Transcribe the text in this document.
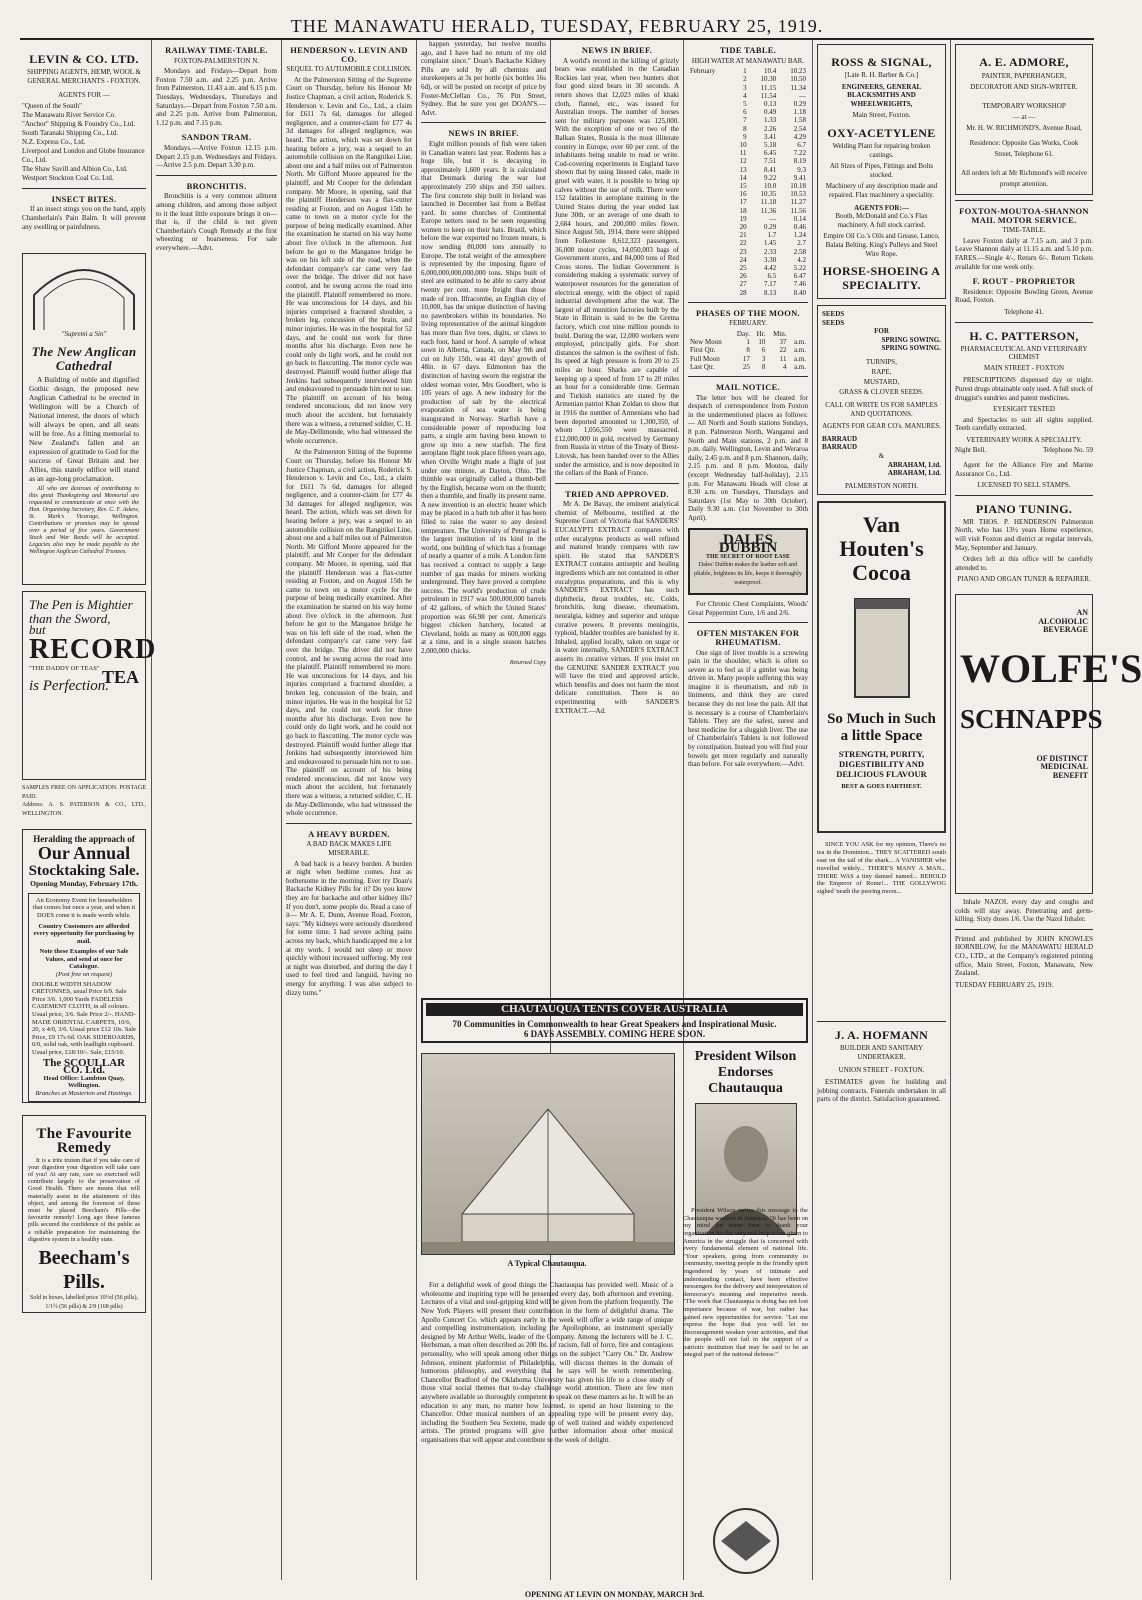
THE MANAWATU HERALD, TUESDAY, FEBRUARY 25, 1919.
LEVIN & CO. LTD.
SHIPPING AGENTS, HEMP, WOOL & GENERAL MERCHANTS - FOXTON.
AGENTS FOR —
"Queen of the South"
The Manawatu River Service Co.
"Anchor" Shipping & Foundry Co., Ltd.
South Taranaki Shipping Co., Ltd.
N.Z. Express Co., Ltd.
Liverpool and London and Globe Insurance Co., Ltd.
The Shaw Savill and Albion Co., Ltd.
Westport Stockton Coal Co. Ltd.
INSECT BITES.

If an insect stings you on the hand, apply Chamberlain's Pain Balm. It will prevent any swelling or painfulness.

"Supremi a Sin"
The New Anglican Cathedral

A Building of noble and dignified Gothic design, the proposed new Anglican Cathedral to be erected in Wellington will be a Church of National interest, the doors of which will always be open, and all seats will be free. As a fitting memorial to New Zealand's fallen and an expression of gratitude to God for the success of Great Britain and her Allies, this stately edifice will stand as an age-long proclamation.

All who are desirous of contributing to this great Thanksgiving and Memorial are requested to communicate at once with the Hon. Organising Secretary, Rev. C. F. Askew, St. Mark's Vicarage, Wellington. Contributions or promises may be spread over a period of five years. Government Stock and War Bonds will be accepted. Legacies also may be made payable to the Wellington Anglican Cathedral Trustees.

The Pen is Mightier than the Sword,
but
RECORD
"THE DADDY OF TEAS" TEA
is Perfection.
SAMPLES FREE ON APPLICATION. POSTAGE PAID.
Address: A. S. PATERSON & CO., LTD., WELLINGTON.
Heralding the approach of
Our Annual
Stocktaking Sale.
Opening Monday, February 17th.
An Economy Event for householders that comes but once a year, and when it DOES come it is made worth while.
Country Customers are afforded every opportunity for purchasing by mail.
Note these Examples of our Sale Values, and send at once for Catalogue.
(Post free on request)
DOUBLE WIDTH SHADOW CRETONNES, usual Price 6/9. Sale Price 3/6. 1,000 Yards FADELESS CASEMENT CLOTH, in all colours. Usual price, 3/6. Sale Price 2/-. HAND-MADE ORIENTAL CARPETS, 10/6, 20, x 4/0, 3/6. Usual price £12 10s. Sale Price, £9 17s 6d. OAK SIDEBOARDS, 6/0, solid oak, with leadlight cupboard. Usual price, £18/10/-. Sale, £15/10.
The SCOULLAR CO. Ltd.
Head Office: Lambton Quay, Wellington.
Branches at Masterton and Hastings.
The Favourite Remedy

It is a trite truism that if you take care of your digestion your digestion will take care of you! At any rate, care so exercised will contribute largely to the preservation of Good Health. There are means that will materially assist in the attainment of this object, and among the foremost of these must be placed Beecham's Pills—the favourite remedy! Long ago these famous pills secured the confidence of the public as a reliable preparation for maintaining the digestive system in a healthy state.

Beecham's Pills.
Sold in boxes, labelled price 10½d (56 pills), 1/1½ (56 pills) & 2/9 (168 pills)
RAILWAY TIME-TABLE.
FOXTON-PALMERSTON N.

Mondays and Fridays—Depart from Foxton 7.50 a.m. and 2.25 p.m. Arrive from Palmerston, 11.43 a.m. and 6.15 p.m. Tuesdays, Wednesdays, Thursdays and Saturdays.—Depart from Foxton 7.50 a.m. and 2.25 p.m. Arrive from Palmerston, 1.12 p.m. and 7.15 p.m.

SANDON TRAM.

Mondays.—Arrive Foxton 12.15 p.m. Depart 2.15 p.m. Wednesdays and Fridays.—Arrive 2.5 p.m. Depart 3.30 p.m.

BRONCHITIS.

Bronchitis is a very common ailment among children, and among those subject to it the least little exposure brings it on—that is, if the child is not given Chamberlain's Cough Remedy at the first wheezing or hoarseness. For sale everywhere.—Advt.

HENDERSON v. LEVIN AND CO.
SEQUEL TO AUTOMOBILE COLLISION.

At the Palmerston Sitting of the Supreme Court on Thursday, before his Honour Mr Justice Chapman, a civil action, Roderick S. Henderson v. Levin and Co., Ltd., a claim for £611 7s 6d, damages for alleged negligence, and a counter-claim for £77 4s 3d damages for alleged negligence, was heard. The action, which was set down for hearing before a jury, was a sequel to an automobile collision on the Rangitikei Line, about one and a half miles out of Palmerston North. Mr Gifford Moore appeared for the plaintiff, and Mr Cooper for the defendant company. Mr Moore, in opening, said that the plaintiff Henderson was a flax-cutter residing at Foxton, and on August 15th he came to town on a motor cycle for the purpose of being medically examined. After the examination he started on his way home about five o'clock in the afternoon. Just before he got to the Manganoe bridge he was on his left side of the road, when the defendant company's car came very fast over the bridge. The driver did not have control, and he swung across the road into the plaintiff. Plaintiff remembered no more. He was unconscious for 14 days, and his injuries comprised a fractured shoulder, a broken leg, concussion of the brain, and minor injuries. He was in the hospital for 52 days, and he could not work for three months after his discharge. Even now he could only do light work, and he could not go back to flaxcutting. The motor cycle was destroyed. Plaintiff would further allege that Jenkins had subsequently interviewed him and endeavoured to persuade him not to sue. The plaintiff on account of his being rendered unconscious, did not know very much about the accident, but fortunately there was a witness, a returned soldier, C. H. de May-Dellimonde, who had witnessed the whole occurrence.

At the Palmerston Sitting of the Supreme Court on Thursday, before his Honour Mr Justice Chapman, a civil action, Roderick S. Henderson v. Levin and Co., Ltd., a claim for £611 7s 6d, damages for alleged negligence, and a counter-claim for £77 4s 3d damages for alleged negligence, was heard. The action, which was set down for hearing before a jury, was a sequel to an automobile collision on the Rangitikei Line, about one and a half miles out of Palmerston North. Mr Gifford Moore appeared for the plaintiff, and Mr Cooper for the defendant company. Mr Moore, in opening, said that the plaintiff Henderson was a flax-cutter residing at Foxton, and on August 15th he came to town on a motor cycle for the purpose of being medically examined. After the examination he started on his way home about five o'clock in the afternoon. Just before he got to the Manganoe bridge he was on his left side of the road, when the defendant company's car came very fast over the bridge. The driver did not have control, and he swung across the road into the plaintiff. Plaintiff remembered no more. He was unconscious for 14 days, and his injuries comprised a fractured shoulder, a broken leg, concussion of the brain, and minor injuries. He was in the hospital for 52 days, and he could not work for three months after his discharge. Even now he could only do light work, and he could not go back to flaxcutting. The motor cycle was destroyed. Plaintiff would further allege that Jenkins had subsequently interviewed him and endeavoured to persuade him not to sue. The plaintiff on account of his being rendered unconscious, did not know very much about the accident, but fortunately there was a witness, a returned soldier, C. H. de May-Dellimonde, who had witnessed the whole occurrence.

A HEAVY BURDEN.
A BAD BACK MAKES LIFE MISERABLE.

A bad back is a heavy burden. A burden at night when bedtime comes. Just as bothersome in the morning. Ever try Doan's Backache Kidney Pills for it? Do you know they are for backache and other kidney ills? If you don't, some people do. Read a case of it— Mr A. E. Dunn, Avenue Road, Foxton, says: "My kidneys were seriously disordered for some time. I had severe aching pains across my back, which handicapped me a lot at my work. I would not sleep or move quickly without increased suffering. My rest at night was disturbed, and during the day I used to feel tired and languid, having no energy for anything. I was also subject to dizzy turns."

happen yesterday, but twelve months ago, and I have had no return of my old complaint since." Doan's Backache Kidney Pills are sold by all chemists and storekeepers at 3s per bottle (six bottles 16s 6d), or will be posted on receipt of price by Foster-McClellan Co., 76 Pitt Street, Sydney. But be sure you get DOAN'S.—Advt.

NEWS IN BRIEF.

Eight million pounds of fish were taken in Canadian waters last year. Rodents has a huge life, but it is decaying in approximately 1,600 years. It is calculated that Denmark during the war lost approximately 250 ships and 350 sailors. The first concrete ship built in Ireland was launched in December last from a Belfast yard. In some churches of Continental Europe netters used to be seen requesting women to keep on their hats. Brazil, which before the war exported no frozen meats, is now sending 80,000 tons annually to Europe. The total weight of the atmosphere is represented by the imposing figure of 6,000,000,000,000,000 tons. Ships built of steel are estimated to be able to carry about twenty per cent. more freight than those made of iron. Ilfracombe, an English city of 10,000, has the unique distinction of having no pawnbrokers within its boundaries. No living representative of the animal kingdom has more than five toes, digits, or claws to each foot, hand or hoof. A sample of wheat sown in Alberta, Canada, on May 9th and cut on July 15th, was 41 days' growth of 48in. in 67 days. Edmonton has the distinction of having sworn the registrar the oldest woman voter, Mrs Goodbert, who is 105 years of age. A new industry for the production of salt by the electrical evaporation of sea water is being inaugurated in Norway. Starfish have a considerable power of reproducing lost parts, a single arm having been known to grow up into a new starfish. The first aeroplane flight took place fifteen years ago, when Orville Wright made a flight of just under one minute, at Dayton, Ohio. The thimble was originally called a thumb-bell by the English, because worn on the thumb; then a thumble, and finally its present name. A new invention is an electric heater which may be placed in a bath tub after it has been filled to raise the water to any desired temperature. The University of Petrograd is the largest institution of its kind in the world, one building of which has a frontage of nearly a quarter of a mile. A London firm has received a contract to supply a large number of gas masks for miners working underground. They have proved a complete success. The world's production of crude petroleum in 1917 was 500,000,000 barrels of 42 gallons, of which the United States' proportion was 66.98 per cent. America's biggest chicken hatchery, located at Cleveland, holds as many as 600,000 eggs at a time, and in a single season hatches 2,000,000 chicks.

Returned Copy
NEWS IN BRIEF.

A world's record in the killing of grizzly bears was established in the Canadian Rockies last year, when two hunters shot four good sized bears in 30 seconds. A return shows that 12,023 miles of khaki cloth, flannel, etc., was issued for Australian troops. The number of horses sent for military purposes was 125,000. With the exception of one or two of the Balkan States, Russia is the most illiterate country in Europe, over 60 per cent. of the inhabitants being unable to read or write. Cod-covering experiments in England have shown that by using linseed cake, made in gruel with water, it is possible to bring up calves without the use of milk. There were 152 fatalities in aeroplane training in the United States during the year ended last June 30th, or an average of one death to 2,684 hours, and 200,000 miles flown. Since August 5th, 1914, there were shipped from Folkestone 8,612,323 passengers, 36,000 motor cycles, 14,050,003 bags of Government stores, and 84,000 tons of Red Cross stores. The Indian Government is considering making a systematic survey of waterpower resources for the generation of electrical energy, with the object of rapid industrial development after the war. The largest of all munition factories built by the State in Britain is said to be the Gretna factory, which cost nine million pounds to build. During the war, 12,000 workers were employed, principally girls. For short distances the salmon is the swiftest of fish. Its speed at high pressure is from 20 to 25 miles an hour. Sharks are capable of keeping up a speed of from 17 to 20 miles an hour for a considerable time. German and Turkish statistics are stated by the Armenian patriot Khan Zoldan to show that in 1916 the number of Armenians who had been deported amounted to 1,300,350, of whom 1,056,550 were massacred. £12,000,000 in gold, received by Germany from Russia in virtue of the Treaty of Brest-Litovsk, has been handed over to the Allies under the armistice, and is now deposited in the cellars of the Bank of France.

TRIED AND APPROVED.

Mr A. De Bavay, the eminent analytical chemist of Melbourne, testified at the Supreme Court of Victoria that SANDERS' EUCALYPTI EXTRACT compares with other eucalyptus products as well refined and matured brandy compares with raw spirit. He stated that SANDER'S EXTRACT contains antiseptic and healing ingredients which are not contained in other eucalyptus preparations, and this is why SANDER'S EXTRACT has such diphtheria, throat troubles, etc. Colds, bronchitis, lung disease, rheumatism, neuralgia, kidney and superior and unique curative powers. It prevents meningitis, typhoid, bladder troubles are banished by it. Inhaled, applied locally, taken on sugar or in water internally, SANDER'S EXTRACT asserts its curative virtues. If you insist on the GENUINE SANDER EXTRACT you will have the tried and approved article, which benefits and does not harm the most delicate constitution. There is no experimenting with SANDER'S EXTRACT.—Ad.

TIDE TABLE.
HIGH WATER AT MANAWATU BAR.
February	1	10.4	10.23
	2	10.30	10.50
	3	11.15	11.34
	4	11.54	—
	5	0.13	0.29
	6	0.49	1.18
	7	1.33	1.58
	8	2.26	2.54
	9	3.41	4.29
	10	5.18	6.7
	11	6.45	7.22
	12	7.51	8.19
	13	8.41	9.3
	14	9.22	9.41
	15	10.0	10.18
	16	10.35	10.53
	17	11.18	11.27
	18	11.36	11.56
	19	—	0.14
	20	0.29	0.46
	21	1.7	1.24
	22	1.45	2.7
	23	2.33	2.58
	24	3.30	4.2
	25	4.42	5.22
	26	6.5	6.47
	27	7.17	7.46
	28	8.13	8.40
PHASES OF THE MOON.
FEBRUARY.
	Day.	Hr.	Min.	
New Moon	1	10	37	a.m.
First Qtr.	8	6	22	a.m.
Full Moon	17	3	11	a.m.
Last Qtr.	25	8	4	a.m.
MAIL NOTICE.

The letter box will be cleared for despatch of correspondence from Foxton in the undermentioned places as follows:— All North and South stations Sundays, 8 p.m. Palmerston North, Wanganui and North and Main stations, 2 p.m. and 8 p.m. daily. Wellington, Levin and Weraroa daily, 2.45 p.m. and 8 p.m. Shannon, daily, 2.15 p.m. and 8 p.m. Moutoa, daily (except Wednesday half-holiday), 2.15 p.m. For Manawatu Heads will close at 8.30 a.m. on Tuesdays, Thursdays and Saturdays (1st May to 30th October). Daily 9.30 a.m. (1st November to 30th April).

DALES DUBBIN
THE SECRET OF ROOT EASE
Dales' Dubbin makes the leather soft and pliable, brightens its life, keeps it thoroughly waterproof.

For Chronic Chest Complaints, Woods' Great Peppermint Cure, 1/6 and 2/6.

OFTEN MISTAKEN FOR RHEUMATISM.

One sign of liver trouble is a screwing pain in the shoulder, which is often so severe as to feel as if a gimlet was being driven in. Many people suffering this way imagine it is rheumatism, and rub in liniments, and think they are cured because they do not lose the pain. All that is necessary is a course of Chamberlain's Tablets. They are the safest, surest and best medicine for a sluggish liver. The use of Chamberlain's Tablets is not followed by constipation. Instead you will find your bowels get more regularly and naturally than before. For sale everywhere.—Advt.

CHAUTAUQUA TENTS COVER AUSTRALIA
70 Communities in Commonwealth to hear Great Speakers and Inspirational Music.
6 DAYS ASSEMBLY. COMING HERE SOON.
A Typical Chautauqua.
President Wilson Endorses Chautauqua

For a delightful week of good things the Chautauqua has provided well. Music of a wholesome and inspiring type will be presented every day, both afternoon and evening. Lectures of a vital and soul-gripping kind will be given from the platform frequently. The New York Players will present their contribution in the form of delightful drama. The Apollo Concert Co. which appears early in the week will offer a wide range of unique and compelling instrumentation, including the Apollophone, an instrument specially designed by Mr Arthur Wells, leader of the Company. Among the lecturers will be J. C. Herbsman, a man often described as 200 lbs. of racism, full of force, fire and contagious personality, who will speak among other things on the subject "Carry On." Dr. Andrew Johnson, eminent platformist of Philadelphia, will discuss themes in the domain of humorous philosophy, and everything that he says will be worth remembering. Chancellor Bradford of the Oklahoma University has given his life to a close study of those vital social themes that to-day challenge world attention. There are few men anywhere available so thoroughly competent to speak on these matters as he. It will be an education to any man, no matter how learned, to spend an hour listening to the Chancellor. Other musical numbers of an appealing type will be present every day, including the Southern Sea Sextette, made up of well trained and widely experienced artists. The printed programs will give further information about other musical organisations that will appear and contribute to the week of delight.

President Wilson writes this message to the Chautauqua workers of America: "It has been on my mind for some time to thank your organisation for the very real help it has given to America in the struggle that is concerned with every fundamental element of national life. "Your speakers, going from community to community, meeting people in the friendly spirit engendered by years of intimate and understanding contact, have been effective messengers for the delivery and interpretation of democracy's meaning and imperative needs. "The work that Chautauqua is doing has not lost importance because of war, but rather has gained new opportunities for service. "Let me express the hope that you will let no discouragement weaken your activities, and that the people will not fail in the support of a patriotic institution that may be said to be an integral part of the national defense."

OPENING AT LEVIN ON MONDAY, MARCH 3rd.
ROSS & SIGNAL,
[Late R. H. Barber & Co.]
ENGINEERS, GENERAL BLACKSMITHS AND WHEELWRIGHTS,
Main Street, Foxton.
OXY-ACETYLENE
Welding Plant for repairing broken castings.
All Sizes of Pipes, Fittings and Bolts stocked.
Machinery of any description made and repaired. Flax machinery a speciality.
AGENTS FOR:—
Booth, McDonald and Co.'s Flax machinery. A full stock carried.
Empire Oil Co.'s Oils and Grease, Lanco, Balata Belting. King's Pulleys and Steel Wire Rope.
HORSE-SHOEING A SPECIALITY.
SEEDS
SEEDS
FOR
SPRING SOWING.
SPRING SOWING.
TURNIPS,
RAPE,
MUSTARD,
GRASS & CLOVER SEEDS.
CALL OR WRITE US FOR SAMPLES AND QUOTATIONS.
AGENTS FOR GEAR CO's. MANURES.
BARRAUD
BARRAUD
&
ABRAHAM, Ltd.
ABRAHAM, Ltd.
PALMERSTON NORTH.
Van
Houten's
Cocoa
So Much in Such a little Space
STRENGTH, PURITY, DIGESTIBILITY AND DELICIOUS FLAVOUR
BEST & GOES FARTHEST.

SINCE YOU ASK for my opinion, There's no tea in the Dominion... THEY SCATTERED south east on the tail of the shark... A VANISHER who travelled widely... THERE'S MANY A MAN... THERE WAS a tiny damsel named... BEHOLD the Emperor of Rome!... THE GOLLYWOG sighed 'neath the peering moon...

J. A. HOFMANN
BUILDER AND SANITARY UNDERTAKER.
UNION STREET - FOXTON.

ESTIMATES given for building and jobbing contracts. Funerals undertaken in all parts of the district. Satisfaction guaranteed.

A. E. ADMORE,
PAINTER, PAPERHANGER, DECORATOR AND SIGN-WRITER.
TEMPORARY WORKSHOP
— at —
Mr. H. W. RICHMOND'S, Avenue Road,
Residence: Opposite Gas Works, Cook Street, Telephone 61.
All orders left at Mr Richmond's will receive prompt attention.
FOXTON-MOUTOA-SHANNON MAIL MOTOR SERVICE.
TIME-TABLE.

Leave Foxton daily at 7.15 a.m. and 3 p.m. Leave Shannon daily at 11.15 a.m. and 5.10 p.m. FARES.—Single 4/-, Return 6/-. Return Tickets available for one week only.

F. ROUT - PROPRIETOR

Residence: Opposite Bowling Green, Avenue Road, Foxton.

Telephone 41.
H. C. PATTERSON,
PHARMACEUTICAL AND VETERINARY CHEMIST
MAIN STREET - FOXTON

PRESCRIPTIONS dispensed day or night. Purest drugs obtainable only used. A full stock of druggist's sundries and patent medicines.

EYESIGHT TESTED

and Spectacles to suit all sights supplied. Teeth carefully extracted.

VETERINARY WORK A SPECIALITY.
Night Bell.	Telephone No. 59

Agent for the Alliance Fire and Marine Assurance Co., Ltd.

LICENSED TO SELL STAMPS.
PIANO TUNING.

MR THOS. P. HENDERSON Palmerston North, who has 13½ years Home experience, will visit Foxton and district at regular intervals, May, September and January.

Orders left at this office will be carefully attended to.

PIANO AND ORGAN TUNER & REPAIRER.
AN ALCOHOLIC BEVERAGE
WOLFE'S
SCHNAPPS
OF DISTINCT MEDICINAL BENEFIT

Inhale NAZOL every day and coughs and colds will stay away. Penetrating and germ-killing. Sixty doses 1/6. Use the Nazol Inhaler.

Printed and published by JOHN KNOWLES HORNBLOW, for the MANAWATU HERALD CO., LTD., at the Company's registered printing office, Main Street, Foxton, Manawatu, New Zealand.

TUESDAY FEBRUARY 25, 1919.
